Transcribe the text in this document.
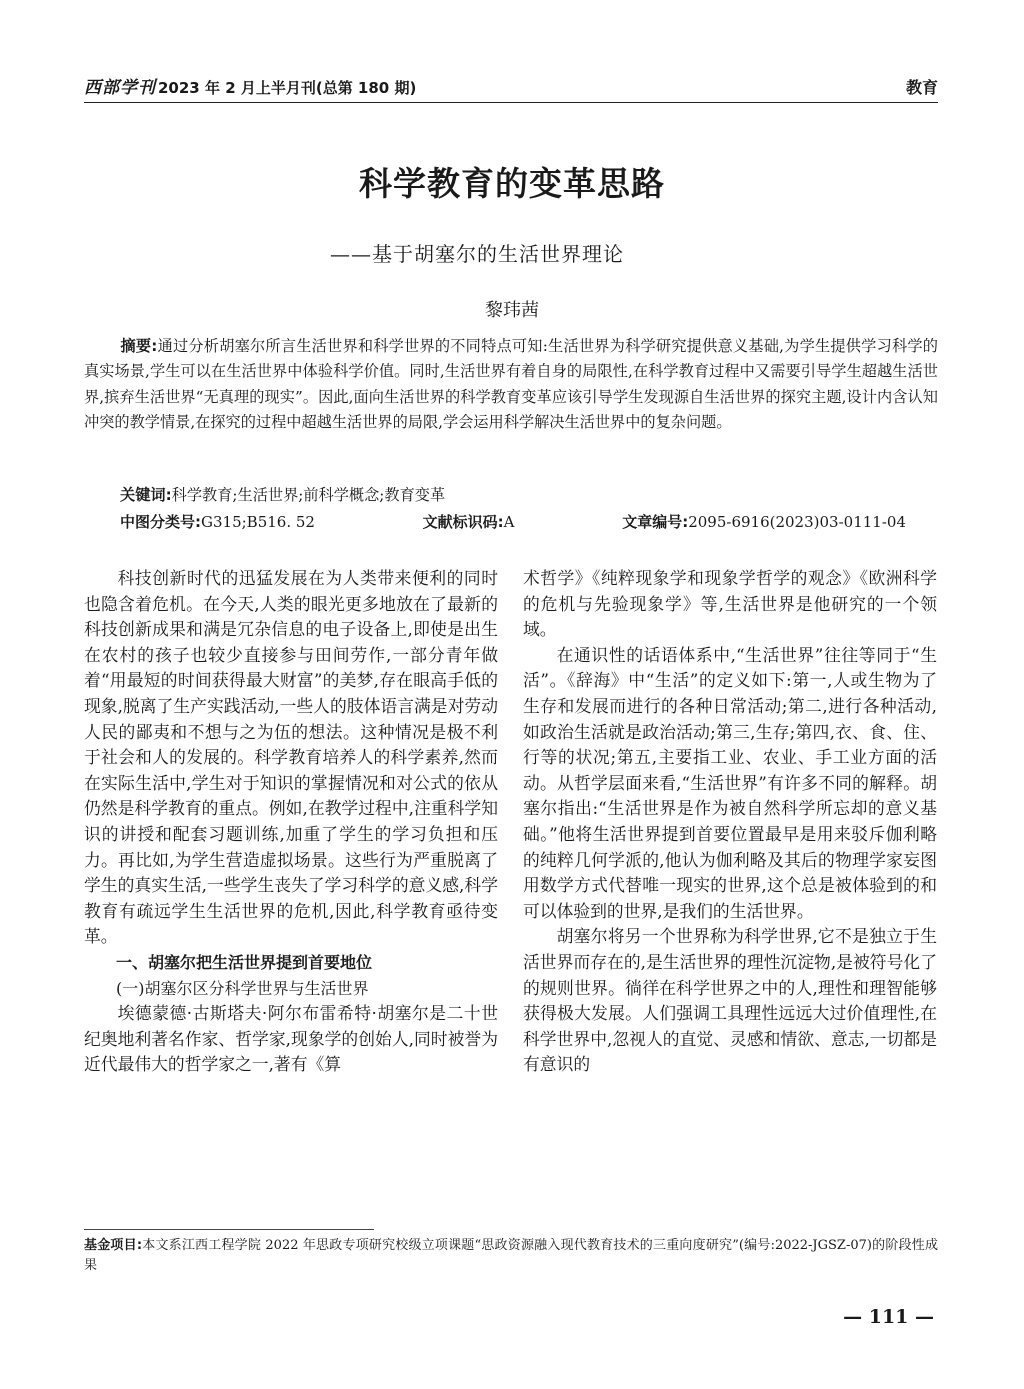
西部学刊 2023 年 2 月上半月刊(总第 180 期)	教育
科学教育的变革思路
——基于胡塞尔的生活世界理论
黎玮茜
摘要:通过分析胡塞尔所言生活世界和科学世界的不同特点可知:生活世界为科学研究提供意义基础,为学生提供学习科学的真实场景,学生可以在生活世界中体验科学价值。同时,生活世界有着自身的局限性,在科学教育过程中又需要引导学生超越生活世界,摈弃生活世界“无真理的现实”。因此,面向生活世界的科学教育变革应该引导学生发现源自生活世界的探究主题,设计内含认知冲突的教学情景,在探究的过程中超越生活世界的局限,学会运用科学解决生活世界中的复杂问题。
关键词:科学教育;生活世界;前科学概念;教育变革
中图分类号:G315;B516. 52	文献标识码:A	文章编号:2095-6916(2023)03-0111-04

科技创新时代的迅猛发展在为人类带来便利的同时也隐含着危机。在今天,人类的眼光更多地放在了最新的科技创新成果和满是冗杂信息的电子设备上,即使是出生在农村的孩子也较少直接参与田间劳作,一部分青年做着“用最短的时间获得最大财富”的美梦,存在眼高手低的现象,脱离了生产实践活动,一些人的肢体语言满是对劳动人民的鄙夷和不想与之为伍的想法。这种情况是极不利于社会和人的发展的。科学教育培养人的科学素养,然而在实际生活中,学生对于知识的掌握情况和对公式的依从仍然是科学教育的重点。例如,在教学过程中,注重科学知识的讲授和配套习题训练,加重了学生的学习负担和压力。再比如,为学生营造虚拟场景。这些行为严重脱离了学生的真实生活,一些学生丧失了学习科学的意义感,科学教育有疏远学生生活世界的危机,因此,科学教育亟待变革。

一、胡塞尔把生活世界提到首要地位

(一)胡塞尔区分科学世界与生活世界

埃德蒙德·古斯塔夫·阿尔布雷希特·胡塞尔是二十世纪奥地利著名作家、哲学家,现象学的创始人,同时被誉为近代最伟大的哲学家之一,著有《算

术哲学》《纯粹现象学和现象学哲学的观念》《欧洲科学的危机与先验现象学》等,生活世界是他研究的一个领域。

在通识性的话语体系中,“生活世界”往往等同于“生活”。《辞海》中“生活”的定义如下:第一,人或生物为了生存和发展而进行的各种日常活动;第二,进行各种活动,如政治生活就是政治活动;第三,生存;第四,衣、食、住、行等的状况;第五,主要指工业、农业、手工业方面的活动。从哲学层面来看,“生活世界”有许多不同的解释。胡塞尔指出:“生活世界是作为被自然科学所忘却的意义基础。”他将生活世界提到首要位置最早是用来驳斥伽利略的纯粹几何学派的,他认为伽利略及其后的物理学家妄图用数学方式代替唯一现实的世界,这个总是被体验到的和可以体验到的世界,是我们的生活世界。

胡塞尔将另一个世界称为科学世界,它不是独立于生活世界而存在的,是生活世界的理性沉淀物,是被符号化了的规则世界。徜徉在科学世界之中的人,理性和理智能够获得极大发展。人们强调工具理性远远大过价值理性,在科学世界中,忽视人的直觉、灵感和情欲、意志,一切都是有意识的

基金项目:本文系江西工程学院 2022 年思政专项研究校级立项课题“思政资源融入现代教育技术的三重向度研究”(编号:2022-JGSZ-07)的阶段性成果
— 111 —
